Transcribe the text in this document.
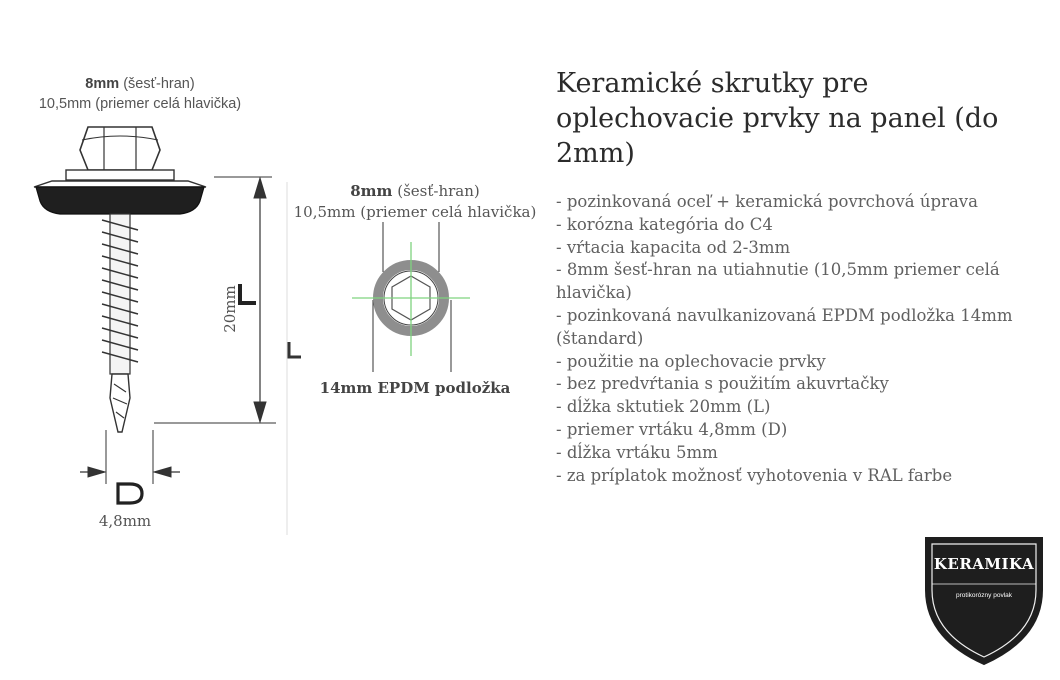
8mm (šesť-hran)
10,5mm (priemer celá hlavička)
8mm (šesť-hran)
10,5mm (priemer celá hlavička)
14mm EPDM podložka
20mm
4,8mm
Keramické skrutky pre oplechovacie prvky na panel (do 2mm)
- pozinkovaná oceľ + keramická povrchová úprava
- korózna kategória do C4
- vŕtacia kapacita od 2-3mm
- 8mm šesť-hran na utiahnutie (10,5mm priemer celá hlavička)
- pozinkovaná navulkanizovaná EPDM podložka 14mm (štandard)
- použitie na oplechovacie prvky
- bez predvŕtania s použitím akuvrtačky
- dĺžka sktutiek 20mm (L)
- priemer vrtáku 4,8mm (D)
- dĺžka vrtáku 5mm
- za príplatok možnosť vyhotovenia v RAL farbe
KERAMIKA
protikorózny povlak
